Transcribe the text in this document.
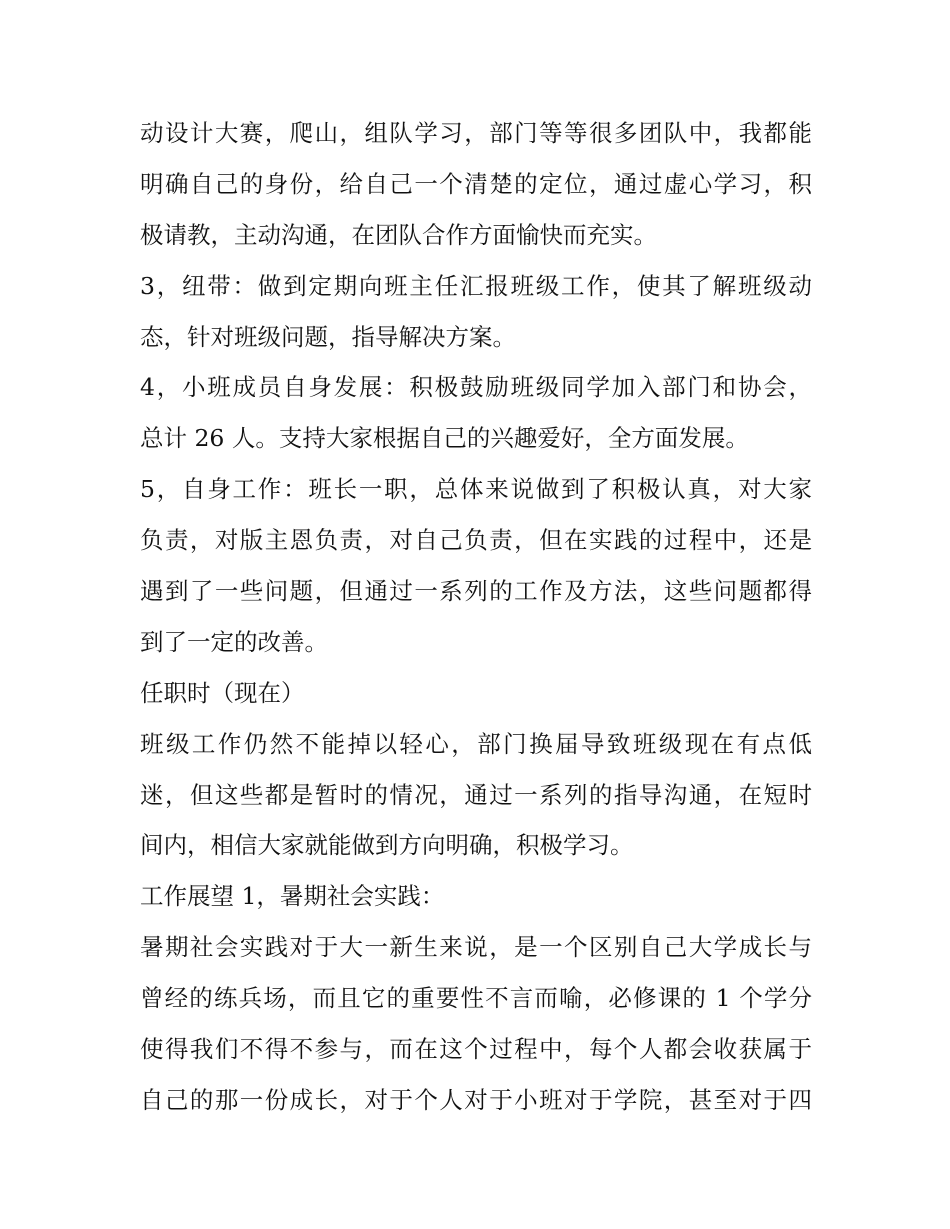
动设计大赛，爬山，组队学习，部门等等很多团队中，我都能
明确自己的身份，给自己一个清楚的定位，通过虚心学习，积
极请教，主动沟通，在团队合作方面愉快而充实。
3，纽带：做到定期向班主任汇报班级工作，使其了解班级动
态，针对班级问题，指导解决方案。
4，小班成员自身发展：积极鼓励班级同学加入部门和协会，
总计 26 人。支持大家根据自己的兴趣爱好，全方面发展。
5，自身工作：班长一职，总体来说做到了积极认真，对大家
负责，对版主恩负责，对自己负责，但在实践的过程中，还是
遇到了一些问题，但通过一系列的工作及方法，这些问题都得
到了一定的改善。
任职时（现在）
班级工作仍然不能掉以轻心，部门换届导致班级现在有点低
迷，但这些都是暂时的情况，通过一系列的指导沟通，在短时
间内，相信大家就能做到方向明确，积极学习。
工作展望 1，暑期社会实践：
暑期社会实践对于大一新生来说，是一个区别自己大学成长与
曾经的练兵场，而且它的重要性不言而喻，必修课的 1 个学分
使得我们不得不参与，而在这个过程中，每个人都会收获属于
自己的那一份成长，对于个人对于小班对于学院，甚至对于四
